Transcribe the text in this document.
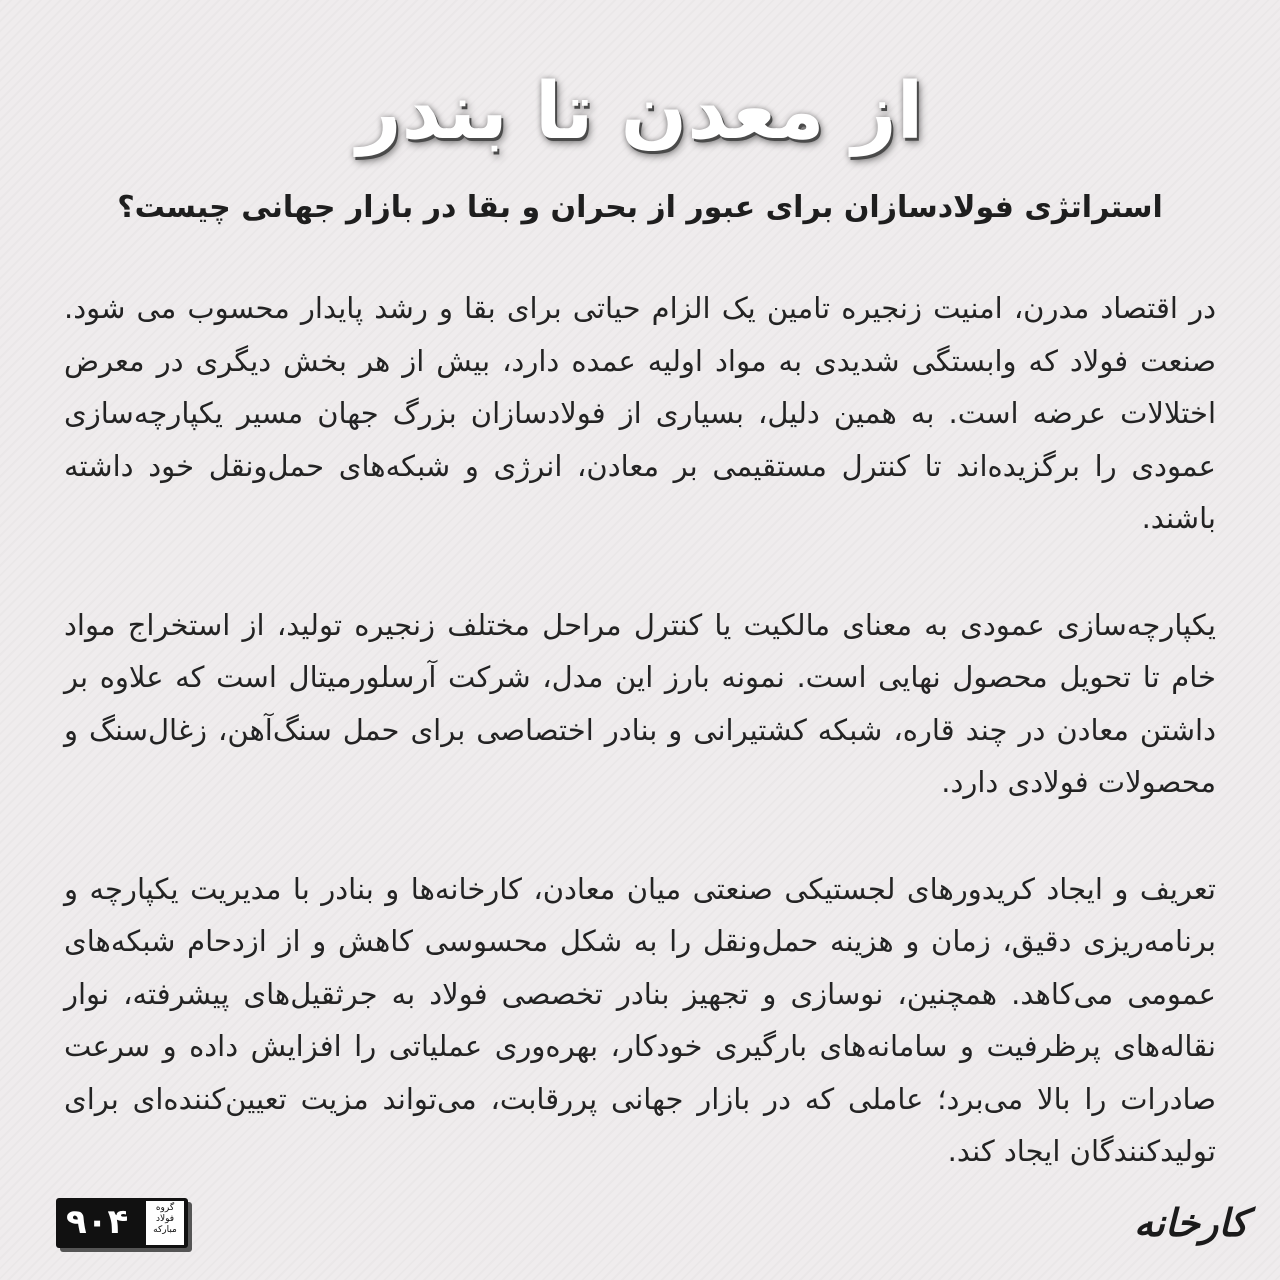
از معدن تا بندر
استراتژی فولادسازان برای عبور از بحران و بقا در بازار جهانی چیست؟

در اقتصاد مدرن، امنیت زنجیره تامین یک الزام حیاتی برای بقا و رشد پایدار محسوب می شود. صنعت فولاد که وابستگی شدیدی به مواد اولیه عمده دارد، بیش از هر بخش دیگری در معرض اختلالات عرضه است. به همین دلیل، بسیاری از فولادسازان بزرگ جهان مسیر یکپارچه‌سازی عمودی را برگزیده‌اند تا کنترل مستقیمی بر معادن، انرژی و شبکه‌های حمل‌ونقل خود داشته باشند.

یکپارچه‌سازی عمودی به معنای مالکیت یا کنترل مراحل مختلف زنجیره تولید، از استخراج مواد خام تا تحویل محصول نهایی است. نمونه بارز این مدل، شرکت آرسلورمیتال است که علاوه بر داشتن معادن در چند قاره، شبکه کشتیرانی و بنادر اختصاصی برای حمل سنگ‌آهن، زغال‌سنگ و محصولات فولادی دارد.

تعریف و ایجاد کریدورهای لجستیکی صنعتی میان معادن، کارخانه‌ها و بنادر با مدیریت یکپارچه و برنامه‌ریزی دقیق، زمان و هزینه حمل‌ونقل را به شکل محسوسی کاهش و از ازدحام شبکه‌های عمومی می‌کاهد. همچنین، نوسازی و تجهیز بنادر تخصصی فولاد به جرثقیل‌های پیشرفته، نوار نقاله‌های پرظرفیت و سامانه‌های بارگیری خودکار، بهره‌وری عملیاتی را افزایش داده و سرعت صادرات را بالا می‌برد؛ عاملی که در بازار جهانی پررقابت، می‌تواند مزیت تعیین‌کننده‌ای برای تولیدکنندگان ایجاد کند.

۹۰۴	گروه فولاد مبارکه	کارخانه
